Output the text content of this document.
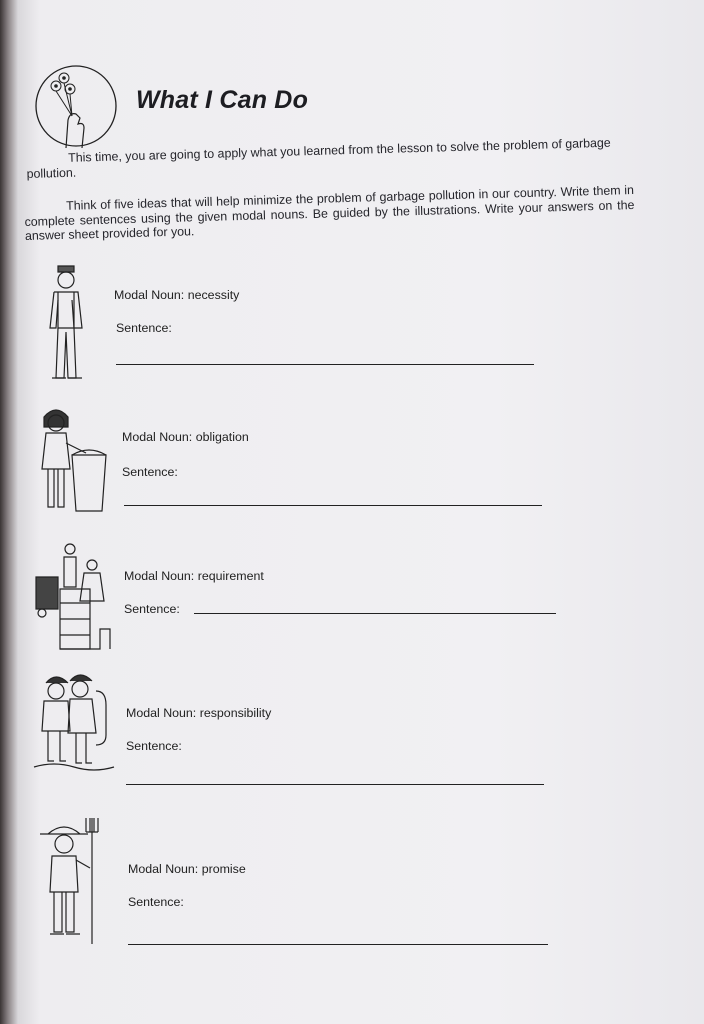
What I Can Do
This time, you are going to apply what you learned from the lesson to solve the problem of garbage pollution.
Think of five ideas that will help minimize the problem of garbage pollution in our country. Write them in complete sentences using the given modal nouns. Be guided by the illustrations. Write your answers on the answer sheet provided for you.
Modal Noun: necessity
Sentence:
Modal Noun: obligation
Sentence:
Modal Noun: requirement
Sentence:
Modal Noun: responsibility
Sentence:
Modal Noun: promise
Sentence:
